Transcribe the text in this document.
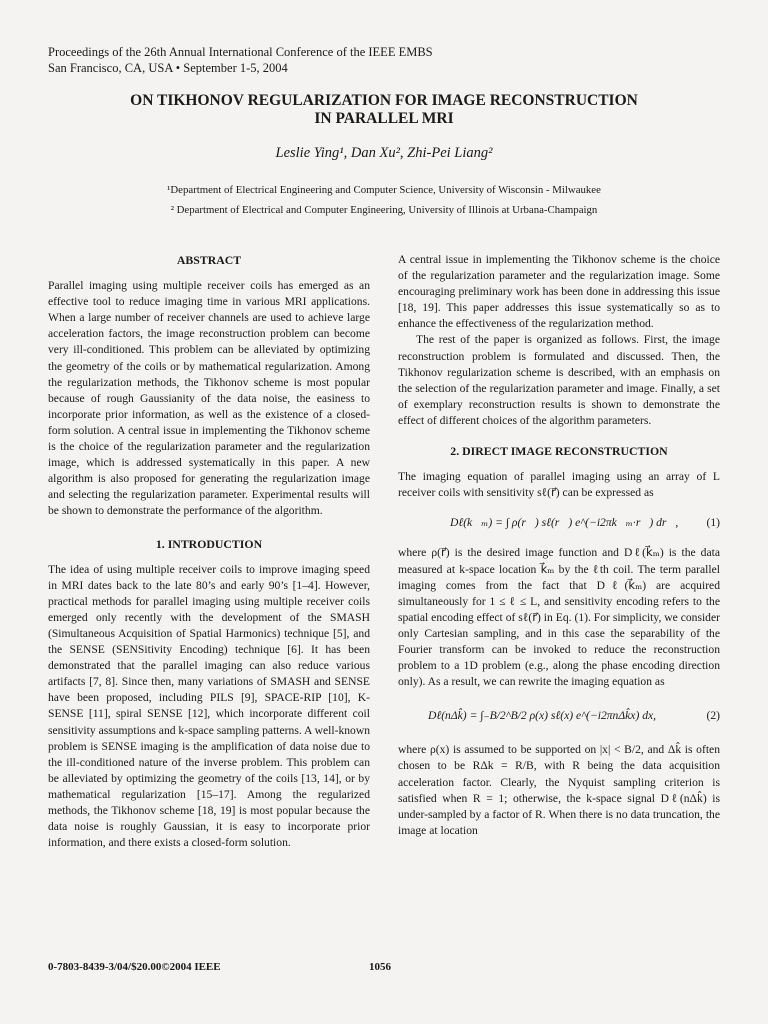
Proceedings of the 26th Annual International Conference of the IEEE EMBS
San Francisco, CA, USA • September 1-5, 2004
ON TIKHONOV REGULARIZATION FOR IMAGE RECONSTRUCTION
IN PARALLEL MRI
Leslie Ying¹, Dan Xu², Zhi-Pei Liang²
¹Department of Electrical Engineering and Computer Science, University of Wisconsin - Milwaukee
² Department of Electrical and Computer Engineering, University of Illinois at Urbana-Champaign
ABSTRACT

Parallel imaging using multiple receiver coils has emerged as an effective tool to reduce imaging time in various MRI applications. When a large number of receiver channels are used to achieve large acceleration factors, the image reconstruction problem can become very ill-conditioned. This problem can be alleviated by optimizing the geometry of the coils or by mathematical regularization. Among the regularization methods, the Tikhonov scheme is most popular because of rough Gaussianity of the data noise, the easiness to incorporate prior information, as well as the existence of a closed-form solution. A central issue in implementing the Tikhonov scheme is the choice of the regularization parameter and the regularization image, which is addressed systematically in this paper. A new algorithm is also proposed for generating the regularization image and selecting the regularization parameter. Experimental results will be shown to demonstrate the performance of the algorithm.

1. INTRODUCTION

The idea of using multiple receiver coils to improve imaging speed in MRI dates back to the late 80’s and early 90’s [1–4]. However, practical methods for parallel imaging using multiple receiver coils emerged only recently with the development of the SMASH (Simultaneous Acquisition of Spatial Harmonics) technique [5], and the SENSE (SENSitivity Encoding) technique [6]. It has been demonstrated that the parallel imaging can also reduce various artifacts [7, 8]. Since then, many variations of SMASH and SENSE have been proposed, including PILS [9], SPACE-RIP [10], K-SENSE [11], spiral SENSE [12], which incorporate different coil sensitivity assumptions and k-space sampling patterns. A well-known problem is SENSE imaging is the amplification of data noise due to the ill-conditioned nature of the inverse problem. This problem can be alleviated by optimizing the geometry of the coils [13, 14], or by mathematical regularization [15–17]. Among the regularized methods, the Tikhonov scheme [18, 19] is most popular because the data noise is roughly Gaussian, it is easy to incorporate prior information, and there exists a closed-form solution.

A central issue in implementing the Tikhonov scheme is the choice of the regularization parameter and the regularization image. Some encouraging preliminary work has been done in addressing this issue [18, 19]. This paper addresses this issue systematically so as to enhance the effectiveness of the regularization method.

The rest of the paper is organized as follows. First, the image reconstruction problem is formulated and discussed. Then, the Tikhonov regularization scheme is described, with an emphasis on the selection of the regularization parameter and image. Finally, a set of exemplary reconstruction results is shown to demonstrate the effect of different choices of the algorithm parameters.

2. DIRECT IMAGE RECONSTRUCTION

The imaging equation of parallel imaging using an array of L receiver coils with sensitivity sℓ(r⃗) can be expressed as

Dℓ(k⃗ₘ) = ∫ ρ(r⃗) sℓ(r⃗) e^(−i2πk⃗ₘ·r⃗) dr⃗, (1)

where ρ(r⃗) is the desired image function and Dℓ(k⃗ₘ) is the data measured at k-space location k⃗ₘ by the ℓth coil. The term parallel imaging comes from the fact that Dℓ(k⃗ₘ) are acquired simultaneously for 1 ≤ ℓ ≤ L, and sensitivity encoding refers to the spatial encoding effect of sℓ(r⃗) in Eq. (1). For simplicity, we consider only Cartesian sampling, and in this case the separability of the Fourier transform can be invoked to reduce the reconstruction problem to a 1D problem (e.g., along the phase encoding direction only). As a result, we can rewrite the imaging equation as

Dℓ(nΔk̂) = ∫₋B/2^B/2 ρ(x) sℓ(x) e^(−i2πnΔk̂x) dx,	(2)

where ρ(x) is assumed to be supported on |x| < B/2, and Δk̂ is often chosen to be RΔk = R/B, with R being the data acquisition acceleration factor. Clearly, the Nyquist sampling criterion is satisfied when R = 1; otherwise, the k-space signal Dℓ(nΔk̂) is under-sampled by a factor of R. When there is no data truncation, the image at location

0-7803-8439-3/04/$20.00©2004 IEEE	1056
